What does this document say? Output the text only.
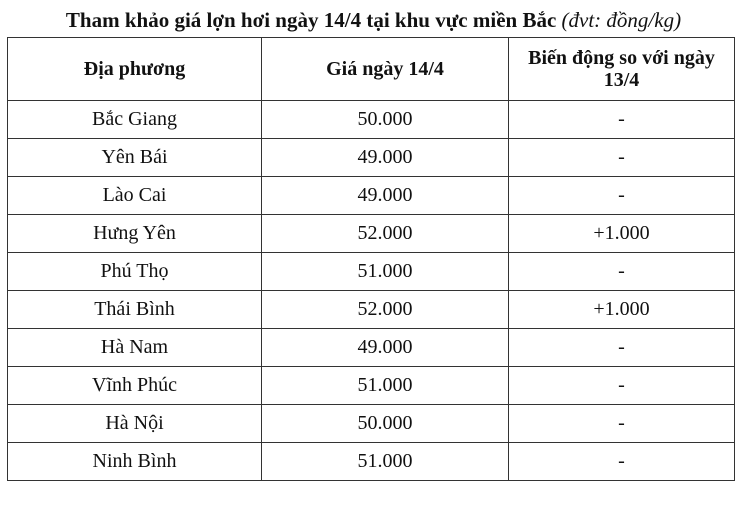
Tham khảo giá lợn hơi ngày 14/4 tại khu vực miền Bắc (đvt: đồng/kg)
Địa phương	Giá ngày 14/4	Biến động so với ngày 13/4
Bắc Giang	50.000	-
Yên Bái	49.000	-
Lào Cai	49.000	-
Hưng Yên	52.000	+1.000
Phú Thọ	51.000	-
Thái Bình	52.000	+1.000
Hà Nam	49.000	-
Vĩnh Phúc	51.000	-
Hà Nội	50.000	-
Ninh Bình	51.000	-
